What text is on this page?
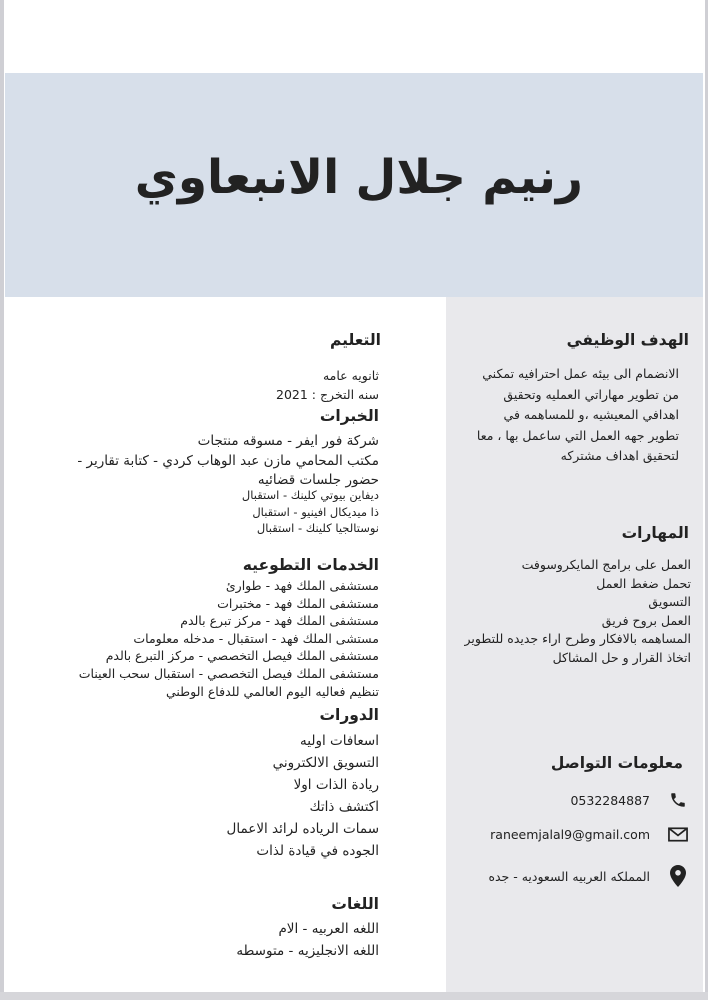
رنيم جلال الانبعاوي
الهدف الوظيفي
الانضمام الى بيئه عمل احترافيه تمكني
من تطوير مهاراتي العمليه وتحقيق
اهدافي المعيشيه ،و للمساهمه في
تطوير جهه العمل التي ساعمل بها ، معا
لتحقيق اهداف مشتركه
المهارات
العمل على برامج المايكروسوفت
تحمل ضغط العمل
التسويق
العمل بروح فريق
المساهمه بالافكار وطرح اراء جديده للتطوير
اتخاذ القرار و حل المشاكل
معلومات التواصل
0532284887
raneemjalal9@gmail.com
المملكه العربيه السعوديه - جده
التعليم
ثانويه عامه
سنه التخرج : 2021
الخبرات
شركة فور ايفر - مسوقه منتجات
مكتب المحامي مازن عبد الوهاب كردي - كتابة تقارير -
حضور جلسات قضائيه
ديفاين بيوتي كلينك - استقبال
ذا ميديكال افينيو - استقبال
نوستالجيا كلينك - استقبال
الخدمات التطوعيه
مستشفى الملك فهد - طوارئ
مستشفى الملك فهد - مختبرات
مستشفى الملك فهد - مركز تبرع بالدم
مستشى الملك فهد - استقبال - مدخله معلومات
مستشفى الملك فيصل التخصصي - مركز التبرع بالدم
مستشفى الملك فيصل التخصصي - استقبال سحب العينات
تنظيم فعاليه اليوم العالمي للدفاع الوطني
الدورات
اسعافات اوليه
التسويق الالكتروني
ريادة الذات اولا
اكتشف ذاتك
سمات الرياده لرائد الاعمال
الجوده في قيادة لذات
اللغات
اللغه العربيه - الام
اللغه الانجليزيه - متوسطه
